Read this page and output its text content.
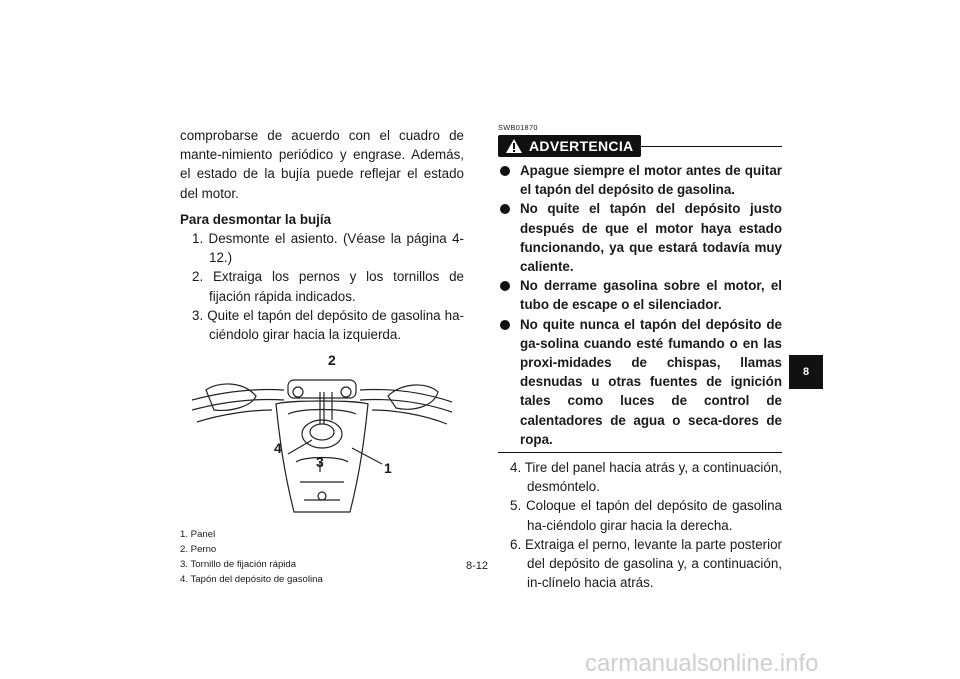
comprobarse de acuerdo con el cuadro de mante-nimiento periódico y engrase. Además, el estado de la bujía puede reflejar el estado del motor.

Para desmontar la bujía
1. Desmonte el asiento. (Véase la página 4-12.)
2. Extraiga los pernos y los tornillos de fijación rápida indicados.
3. Quite el tapón del depósito de gasolina ha-ciéndolo girar hacia la izquierda.
2
1
3
4
1. Panel
2. Perno
3. Tornillo de fijación rápida
4. Tapón del depósito de gasolina

SWB01870

ADVERTENCIA
Apague siempre el motor antes de quitar el tapón del depósito de gasolina.
No quite el tapón del depósito justo después de que el motor haya estado funcionando, ya que estará todavía muy caliente.
No derrame gasolina sobre el motor, el tubo de escape o el silenciador.
No quite nunca el tapón del depósito de ga-solina cuando esté fumando o en las proxi-midades de chispas, llamas desnudas u otras fuentes de ignición tales como luces de control de calentadores de agua o seca-dores de ropa.
4. Tire del panel hacia atrás y, a continuación, desmóntelo.
5. Coloque el tapón del depósito de gasolina ha-ciéndolo girar hacia la derecha.
6. Extraiga el perno, levante la parte posterior del depósito de gasolina y, a continuación, in-clínelo hacia atrás.
8-12
8
carmanualsonline.info
